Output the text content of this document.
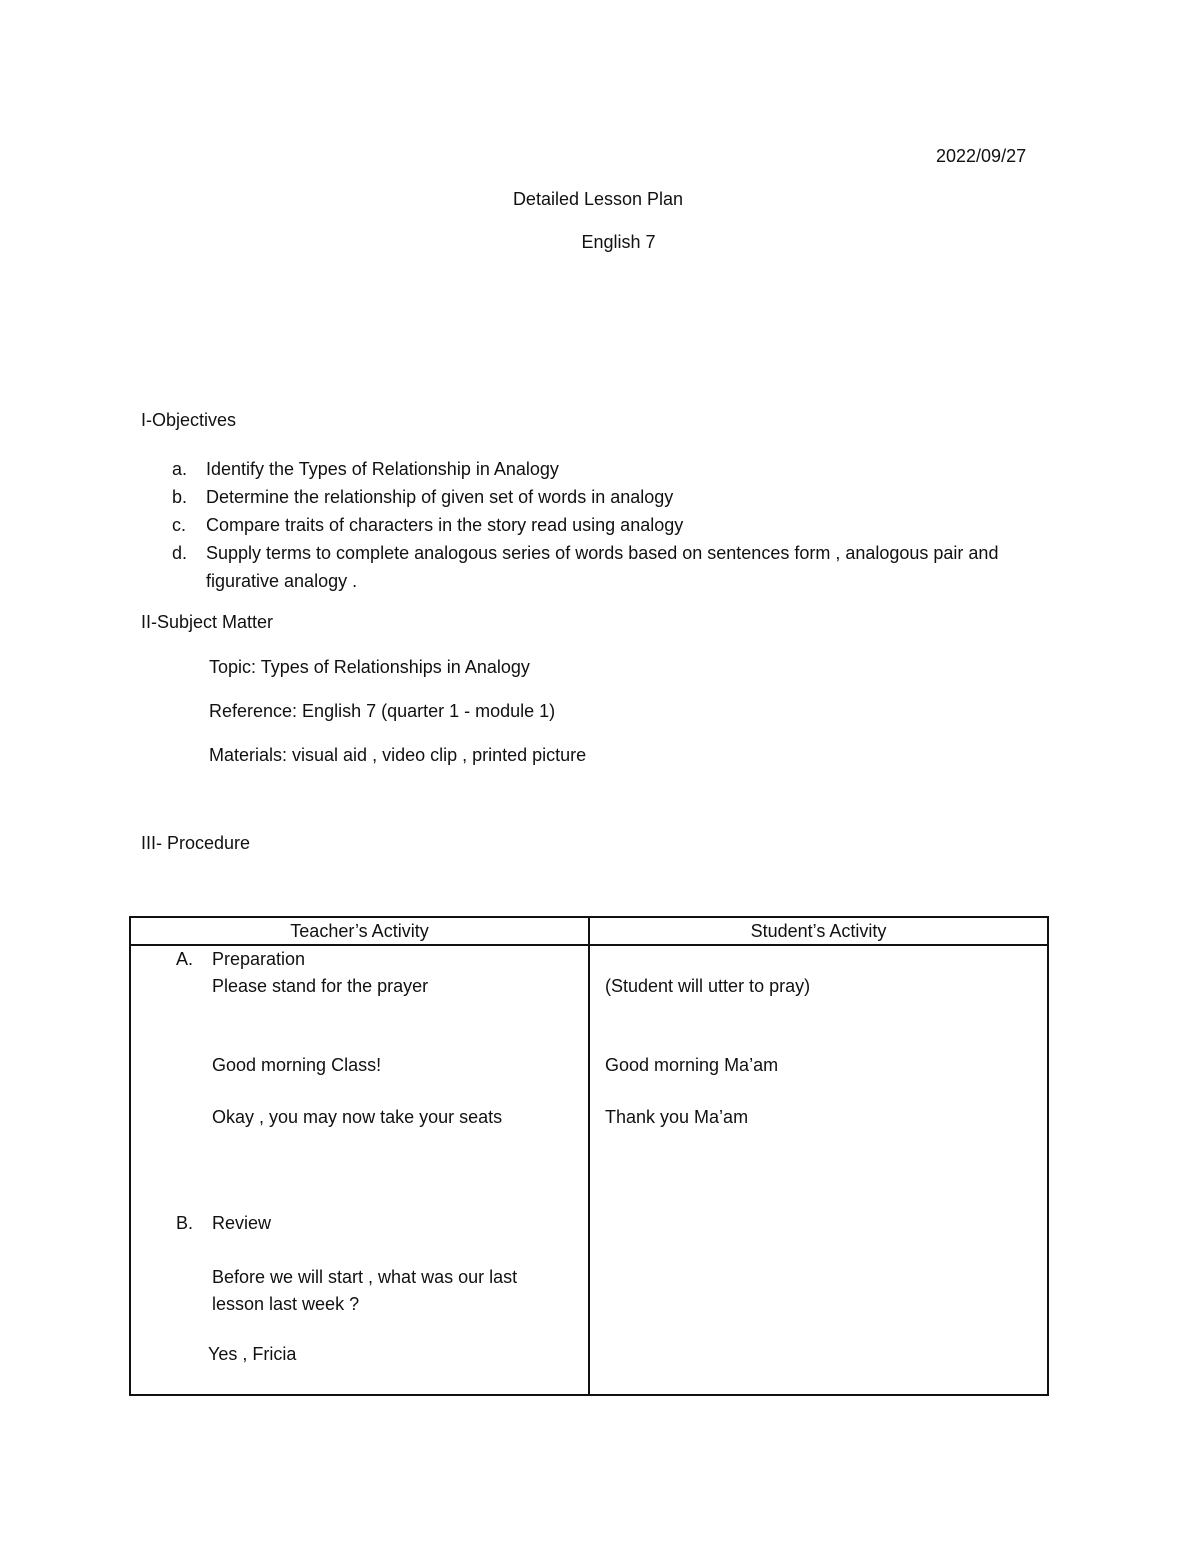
2022/09/27
Detailed Lesson Plan
English 7
I-Objectives
a.	Identify the Types of Relationship in Analogy
b.	Determine the relationship of given set of words in analogy
c.	Compare traits of characters in the story read using analogy
d.	Supply terms to complete analogous series of words based on sentences form , analogous pair and figurative analogy .
II-Subject Matter
Topic: Types of Relationships in Analogy
Reference: English 7 (quarter 1 - module 1)
Materials: visual aid , video clip , printed picture
III- Procedure
Teacher’s Activity	Student’s Activity
A. Preparation
Please stand for the prayer	(Student will utter to pray)
Good morning Class!	Good morning Ma’am
Okay , you may now take your seats	Thank you Ma’am
B. Review
Before we will start , what was our last lesson last week ?
Yes , Fricia
